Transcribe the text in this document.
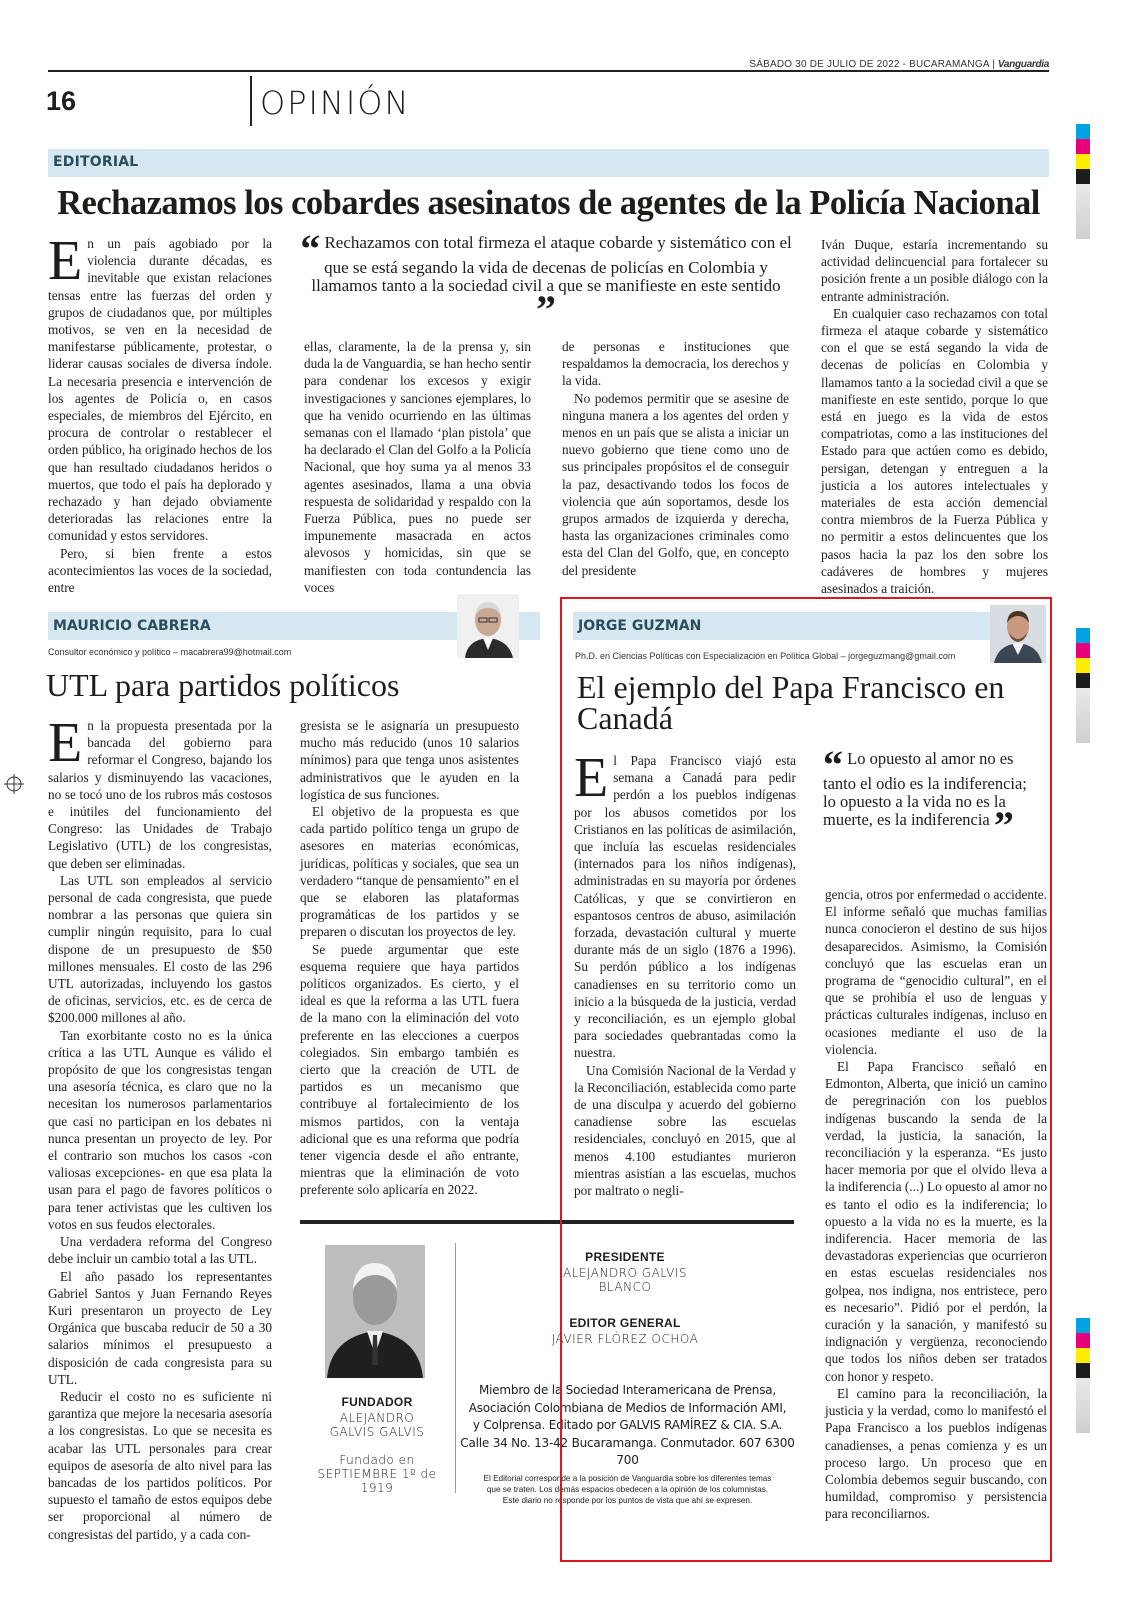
SÁBADO 30 DE JULIO DE 2022 - BUCARAMANGA | Vanguardia
16	OPINIÓN
EDITORIAL
Rechazamos los cobardes asesinatos de agentes de la Policía Nacional

En un país agobiado por la violencia durante décadas, es inevitable que existan relaciones tensas entre las fuerzas del orden y grupos de ciudadanos que, por múltiples motivos, se ven en la necesidad de manifestarse públicamente, protestar, o liderar causas sociales de diversa índole. La necesaria presencia e intervención de los agentes de Policía o, en casos especiales, de miembros del Ejército, en procura de controlar o restablecer el orden público, ha originado hechos de los que han resultado ciudadanos heridos o muertos, que todo el país ha deplorado y rechazado y han dejado obviamente deterioradas las relaciones entre la comunidad y estos servidores.

Pero, si bien frente a estos acontecimientos las voces de la sociedad, entre

“ Rechazamos con total firmeza el ataque cobarde y sistemático con el que se está segando la vida de decenas de policías en Colombia y llamamos tanto a la sociedad civil a que se manifieste en este sentido ”

ellas, claramente, la de la prensa y, sin duda la de Vanguardia, se han hecho sentir para condenar los excesos y exigir investigaciones y sanciones ejemplares, lo que ha venido ocurriendo en las últimas semanas con el llamado ‘plan pistola’ que ha declarado el Clan del Golfo a la Policía Nacional, que hoy suma ya al menos 33 agentes asesinados, llama a una obvia respuesta de solidaridad y respaldo con la Fuerza Pública, pues no puede ser impunemente masacrada en actos alevosos y homicidas, sin que se manifiesten con toda contundencia las voces

de personas e instituciones que respaldamos la democracia, los derechos y la vida.

No podemos permitir que se asesine de ninguna manera a los agentes del orden y menos en un país que se alista a iniciar un nuevo gobierno que tiene como uno de sus principales propósitos el de conseguir la paz, desactivando todos los focos de violencia que aún soportamos, desde los grupos armados de izquierda y derecha, hasta las organizaciones criminales como esta del Clan del Golfo, que, en concepto del presidente

Iván Duque, estaría incrementando su actividad delincuencial para fortalecer su posición frente a un posible diálogo con la entrante administración.

En cualquier caso rechazamos con total firmeza el ataque cobarde y sistemático con el que se está segando la vida de decenas de policías en Colombia y llamamos tanto a la sociedad civil a que se manifieste en este sentido, porque lo que está en juego es la vida de estos compatriotas, como a las instituciones del Estado para que actúen como es debido, persigan, detengan y entreguen a la justicia a los autores intelectuales y materiales de esta acción demencial contra miembros de la Fuerza Pública y no permitir a estos delincuentes que los pasos hacia la paz los den sobre los cadáveres de hombres y mujeres asesinados a traición.

MAURICIO CABRERA
Consultor económico y político – macabrera99@hotmail.com
UTL para partidos políticos

En la propuesta presentada por la bancada del gobierno para reformar el Congreso, bajando los salarios y disminuyendo las vacaciones, no se tocó uno de los rubros más costosos e inútiles del funcionamiento del Congreso: las Unidades de Trabajo Legislativo (UTL) de los congresistas, que deben ser eliminadas.

Las UTL son empleados al servicio personal de cada congresista, que puede nombrar a las personas que quiera sin cumplir ningún requisito, para lo cual dispone de un presupuesto de $50 millones mensuales. El costo de las 296 UTL autorizadas, incluyendo los gastos de oficinas, servicios, etc. es de cerca de $200.000 millones al año.

Tan exorbitante costo no es la única crítica a las UTL Aunque es válido el propósito de que los congresistas tengan una asesoría técnica, es claro que no la necesitan los numerosos parlamentarios que casi no participan en los debates ni nunca presentan un proyecto de ley. Por el contrario son muchos los casos -con valiosas excepciones- en que esa plata la usan para el pago de favores políticos o para tener activistas que les cultiven los votos en sus feudos electorales.

Una verdadera reforma del Congreso debe incluir un cambio total a las UTL.

El año pasado los representantes Gabriel Santos y Juan Fernando Reyes Kuri presentaron un proyecto de Ley Orgánica que buscaba reducir de 50 a 30 salarios mínimos el presupuesto a disposición de cada congresista para su UTL.

Reducir el costo no es suficiente ni garantiza que mejore la necesaria asesoría a los congresistas. Lo que se necesita es acabar las UTL personales para crear equipos de asesoría de alto nivel para las bancadas de los partidos políticos. Por supuesto el tamaño de estos equipos debe ser proporcional al número de congresistas del partido, y a cada con-

gresista se le asignaría un presupuesto mucho más reducido (unos 10 salarios mínimos) para que tenga unos asistentes administrativos que le ayuden en la logística de sus funciones.

El objetivo de la propuesta es que cada partido político tenga un grupo de asesores en materias económicas, jurídicas, políticas y sociales, que sea un verdadero “tanque de pensamiento” en el que se elaboren las plataformas programáticas de los partidos y se preparen o discutan los proyectos de ley.

Se puede argumentar que este esquema requiere que haya partidos políticos organizados. Es cierto, y el ideal es que la reforma a las UTL fuera de la mano con la eliminación del voto preferente en las elecciones a cuerpos colegiados. Sin embargo también es cierto que la creación de UTL de partidos es un mecanismo que contribuye al fortalecimiento de los mismos partidos, con la ventaja adicional que es una reforma que podría tener vigencia desde el año entrante, mientras que la eliminación de voto preferente solo aplicaría en 2022.

JORGE GUZMAN
Ph.D. en Ciencias Políticas con Especialización en Política Global – jorgeguzmang@gmail.com
El ejemplo del Papa Francisco en
Canadá

El Papa Francisco viajó esta semana a Canadá para pedir perdón a los pueblos indígenas por los abusos cometidos por los Cristianos en las políticas de asimilación, que incluía las escuelas residenciales (internados para los niños indígenas), administradas en su mayoría por órdenes Católicas, y que se convirtieron en espantosos centros de abuso, asimilación forzada, devastación cultural y muerte durante más de un siglo (1876 a 1996). Su perdón público a los indígenas canadienses en su territorio como un inicio a la búsqueda de la justicia, verdad y reconciliación, es un ejemplo global para sociedades quebrantadas como la nuestra.

Una Comisión Nacional de la Verdad y la Reconciliación, establecida como parte de una disculpa y acuerdo del gobierno canadiense sobre las escuelas residenciales, concluyó en 2015, que al menos 4.100 estudiantes murieron mientras asistían a las escuelas, muchos por maltrato o negli-

“ Lo opuesto al amor no es tanto el odio es la indiferencia; lo opuesto a la vida no es la muerte, es la indiferencia ”

gencia, otros por enfermedad o accidente. El informe señaló que muchas familias nunca conocieron el destino de sus hijos desaparecidos. Asimismo, la Comisión concluyó que las escuelas eran un programa de “genocidio cultural”, en el que se prohibía el uso de lenguas y prácticas culturales indígenas, incluso en ocasiones mediante el uso de la violencia.

El Papa Francisco señaló en Edmonton, Alberta, que inició un camino de peregrinación con los pueblos indígenas buscando la senda de la verdad, la justicia, la sanación, la reconciliación y la esperanza. “Es justo hacer memoria por que el olvido lleva a la indiferencia (...) Lo opuesto al amor no es tanto el odio es la indiferencia; lo opuesto a la vida no es la muerte, es la indiferencia. Hacer memoria de las devastadoras experiencias que ocurrieron en estas escuelas residenciales nos golpea, nos indigna, nos entristece, pero es necesario”. Pidió por el perdón, la curación y la sanación, y manifestó su indignación y vergüenza, reconociendo que todos los niños deben ser tratados con honor y respeto.

El camino para la reconciliación, la justicia y la verdad, como lo manifestó el Papa Francisco a los pueblos indígenas canadienses, a penas comienza y es un proceso largo. Un proceso que en Colombia debemos seguir buscando, con humildad, compromiso y persistencia para reconciliarnos.

FUNDADOR
ALEJANDRO
GALVIS GALVIS
Fundado en
SEPTIEMBRE 1º de 1919
PRESIDENTE
ALEJANDRO GALVIS BLANCO
EDITOR GENERAL
JAVIER FLÓREZ OCHOA
Miembro de la Sociedad Interamericana de Prensa,
Asociación Colombiana de Medios de Información AMI,
y Colprensa. Editado por GALVIS RAMÍREZ & CIA. S.A.
Calle 34 No. 13-42 Bucaramanga. Conmutador. 607 6300 700
El Editorial corresponde a la posición de Vanguardia sobre los diferentes temas
que se traten. Los demás espacios obedecen a la opinión de los columnistas.
Este diario no responde por los puntos de vista que ahí se expresen.
